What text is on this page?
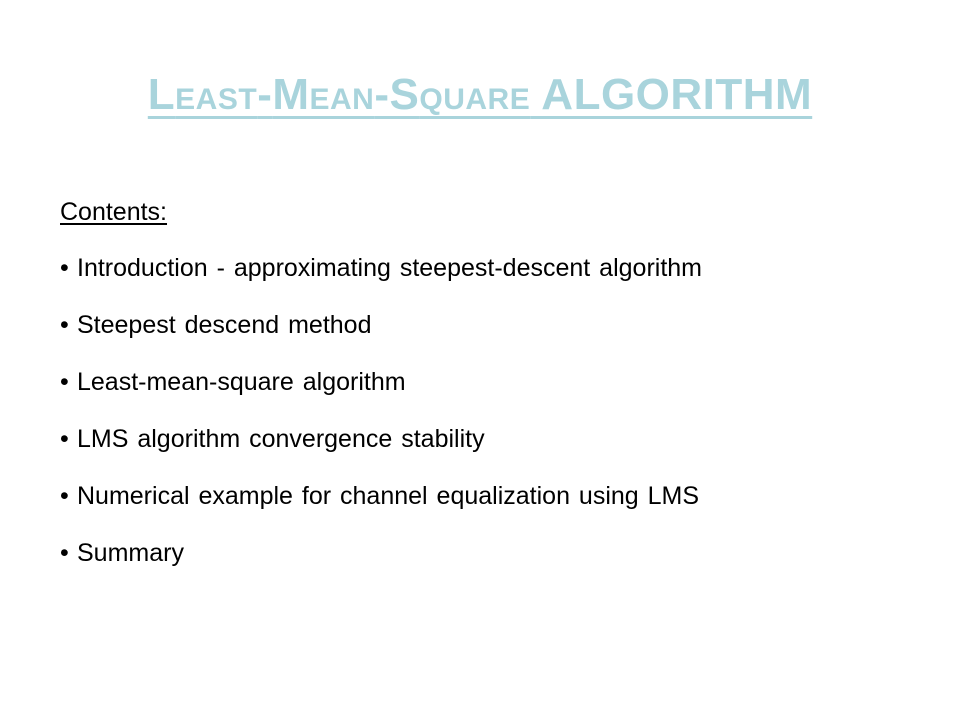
LEAST-MEAN-SQUARE ALGORITHM
Contents:
• Introduction - approximating steepest-descent algorithm
• Steepest descend method
• Least-mean-square algorithm
• LMS algorithm convergence stability
• Numerical example for channel equalization using LMS
• Summary
